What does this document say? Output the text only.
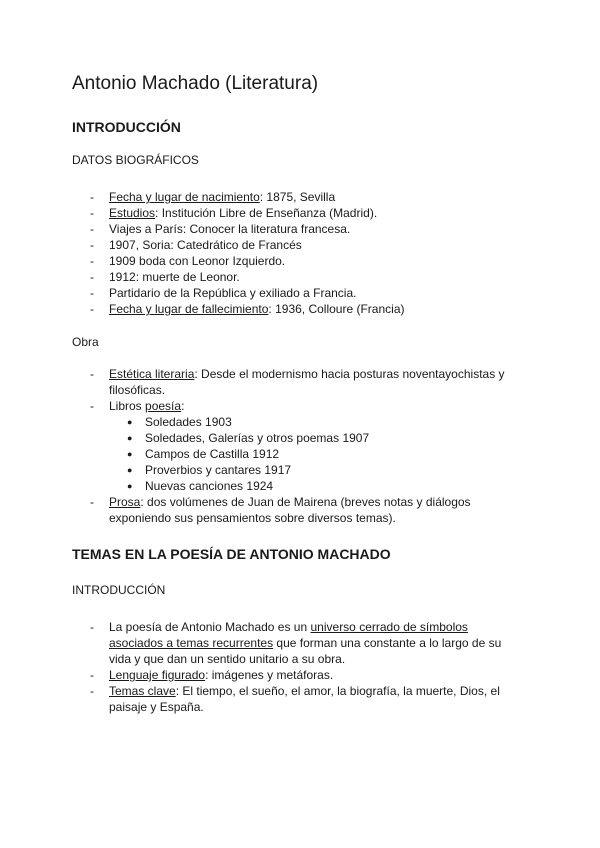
Antonio Machado (Literatura)
INTRODUCCIÓN

DATOS BIOGRÁFICOS

- Fecha y lugar de nacimiento: 1875, Sevilla
- Estudios: Institución Libre de Enseñanza (Madrid).
- Viajes a París: Conocer la literatura francesa.
- 1907, Soria: Catedrático de Francés
- 1909 boda con Leonor Izquierdo.
- 1912: muerte de Leonor.
- Partidario de la República y exiliado a Francia.
- Fecha y lugar de fallecimiento: 1936, Colloure (Francia)

Obra

- Estética literaria: Desde el modernismo hacia posturas noventayochistas y filosóficas.
- Libros poesía:
● Soledades 1903
● Soledades, Galerías y otros poemas 1907
● Campos de Castilla 1912
● Proverbios y cantares 1917
● Nuevas canciones 1924
- Prosa: dos volúmenes de Juan de Mairena (breves notas y diálogos exponiendo sus pensamientos sobre diversos temas).
TEMAS EN LA POESÍA DE ANTONIO MACHADO

INTRODUCCIÓN

- La poesía de Antonio Machado es un universo cerrado de símbolos asociados a temas recurrentes que forman una constante a lo largo de su vida y que dan un sentido unitario a su obra.
- Lenguaje figurado: imágenes y metáforas.
- Temas clave: El tiempo, el sueño, el amor, la biografía, la muerte, Dios, el paisaje y España.
